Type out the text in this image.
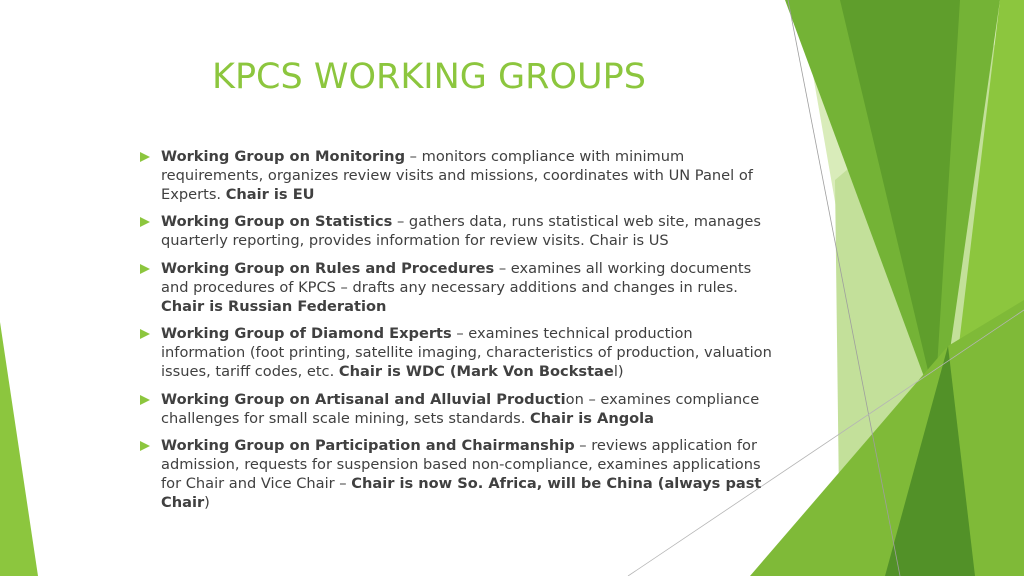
KPCS WORKING GROUPS
Working Group on Monitoring – monitors compliance with minimum requirements, organizes review visits and missions, coordinates with UN Panel of Experts. Chair is EU
Working Group on Statistics – gathers data, runs statistical web site, manages quarterly reporting, provides information for review visits. Chair is US
Working Group on Rules and Procedures – examines all working documents and procedures of KPCS – drafts any necessary additions and changes in rules. Chair is Russian Federation
Working Group of Diamond Experts – examines technical production information (foot printing, satellite imaging, characteristics of production, valuation issues, tariff codes, etc. Chair is WDC (Mark Von Bockstael)
Working Group on Artisanal and Alluvial Production – examines compliance challenges for small scale mining, sets standards. Chair is Angola
Working Group on Participation and Chairmanship – reviews application for admission, requests for suspension based non-compliance, examines applications for Chair and Vice Chair – Chair is now So. Africa, will be China (always past Chair)
